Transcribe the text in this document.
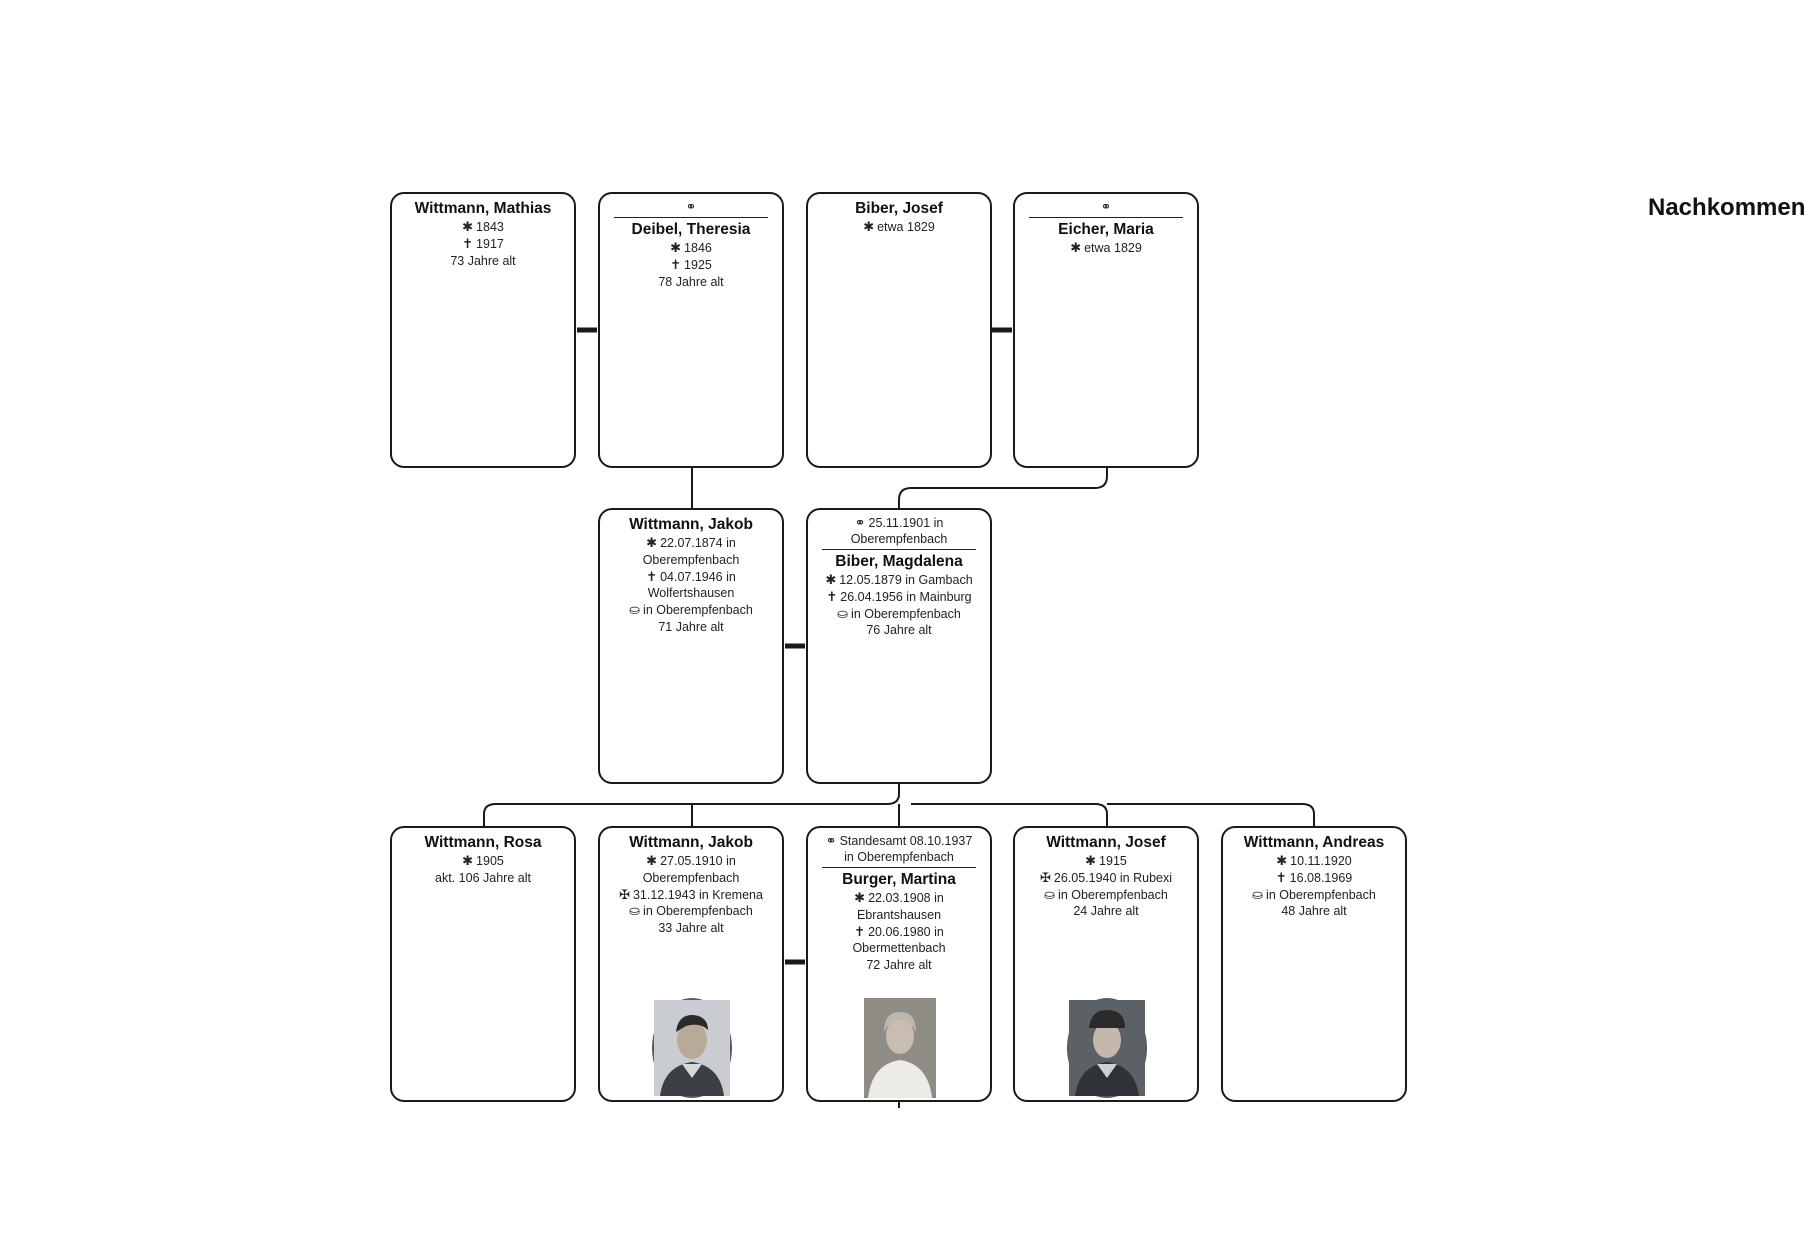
Nachkommen
Wittmann, Mathias
✱ 1843
✝ 1917
73 Jahre alt
⚭
Deibel, Theresia
✱ 1846
✝ 1925
78 Jahre alt
Biber, Josef
✱ etwa 1829
⚭
Eicher, Maria
✱ etwa 1829
Wittmann, Jakob
✱ 22.07.1874 in
Oberempfenbach
✝ 04.07.1946 in
Wolfertshausen
⛀ in Oberempfenbach
71 Jahre alt
⚭ 25.11.1901 in
Oberempfenbach
Biber, Magdalena
✱ 12.05.1879 in Gambach
✝ 26.04.1956 in Mainburg
⛀ in Oberempfenbach
76 Jahre alt
Wittmann, Rosa
✱ 1905
akt. 106 Jahre alt
Wittmann, Jakob
✱ 27.05.1910 in
Oberempfenbach
✠ 31.12.1943 in Kremena
⛀ in Oberempfenbach
33 Jahre alt
⚭ Standesamt 08.10.1937
in Oberempfenbach
Burger, Martina
✱ 22.03.1908 in
Ebrantshausen
✝ 20.06.1980 in
Obermettenbach
72 Jahre alt
Wittmann, Josef
✱ 1915
✠ 26.05.1940 in Rubexi
⛀ in Oberempfenbach
24 Jahre alt
Wittmann, Andreas
✱ 10.11.1920
✝ 16.08.1969
⛀ in Oberempfenbach
48 Jahre alt
